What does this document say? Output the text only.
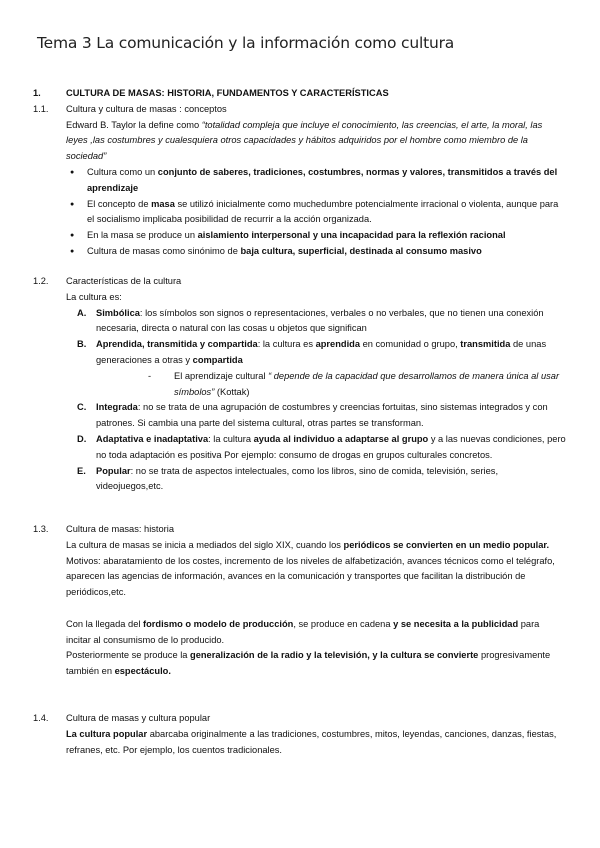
Tema 3 La comunicación y la información como cultura
1.	CULTURA DE MASAS: HISTORIA, FUNDAMENTOS Y CARACTERÍSTICAS
1.1.	Cultura y cultura de masas : conceptos
Edward B. Taylor la define como “totalidad compleja que incluye el conocimiento, las creencias, el arte, la moral, las leyes ,las costumbres y cualesquiera otros capacidades y hábitos adquiridos por el hombre como miembro de la sociedad”
● Cultura como un conjunto de saberes, tradiciones, costumbres, normas y valores, transmitidos a través del aprendizaje
● El concepto de masa se utilizó inicialmente como muchedumbre potencialmente irracional o violenta, aunque para el socialismo implicaba posibilidad de recurrir a la acción organizada.
● En la masa se produce un aislamiento interpersonal y una incapacidad para la reflexión racional
● Cultura de masas como sinónimo de baja cultura, superficial, destinada al consumo masivo
1.2.	Características de la cultura
La cultura es:
A.	Simbólica: los símbolos son signos o representaciones, verbales o no verbales, que no tienen una conexión necesaria, directa o natural con las cosas u objetos que significan
B.	Aprendida, transmitida y compartida: la cultura es aprendida en comunidad o grupo, transmitida de unas generaciones a otras y compartida
-	El aprendizaje cultural “ depende de la capacidad que desarrollamos de manera única al usar símbolos” (Kottak)
C.	Integrada: no se trata de una agrupación de costumbres y creencias fortuitas, sino sistemas integrados y con patrones. Si cambia una parte del sistema cultural, otras partes se transforman.
D.	Adaptativa e inadaptativa: la cultura ayuda al individuo a adaptarse al grupo y a las nuevas condiciones, pero no toda adaptación es positiva Por ejemplo: consumo de drogas en grupos culturales concretos.
E.	Popular: no se trata de aspectos intelectuales, como los libros, sino de comida, televisión, series, videojuegos,etc.
1.3.	Cultura de masas: historia
La cultura de masas se inicia a mediados del siglo XIX, cuando los periódicos se convierten en un medio popular.
Motivos: abaratamiento de los costes, incremento de los niveles de alfabetización, avances técnicos como el telégrafo, aparecen las agencias de información, avances en la comunicación y transportes que facilitan la distribución de periódicos,etc.
Con la llegada del fordismo o modelo de producción, se produce en cadena y se necesita a la publicidad para incitar al consumismo de lo producido.
Posteriormente se produce la generalización de la radio y la televisión, y la cultura se convierte progresivamente también en espectáculo.
1.4.	Cultura de masas y cultura popular
La cultura popular abarcaba originalmente a las tradiciones, costumbres, mitos, leyendas, canciones, danzas, fiestas, refranes, etc. Por ejemplo, los cuentos tradicionales.
